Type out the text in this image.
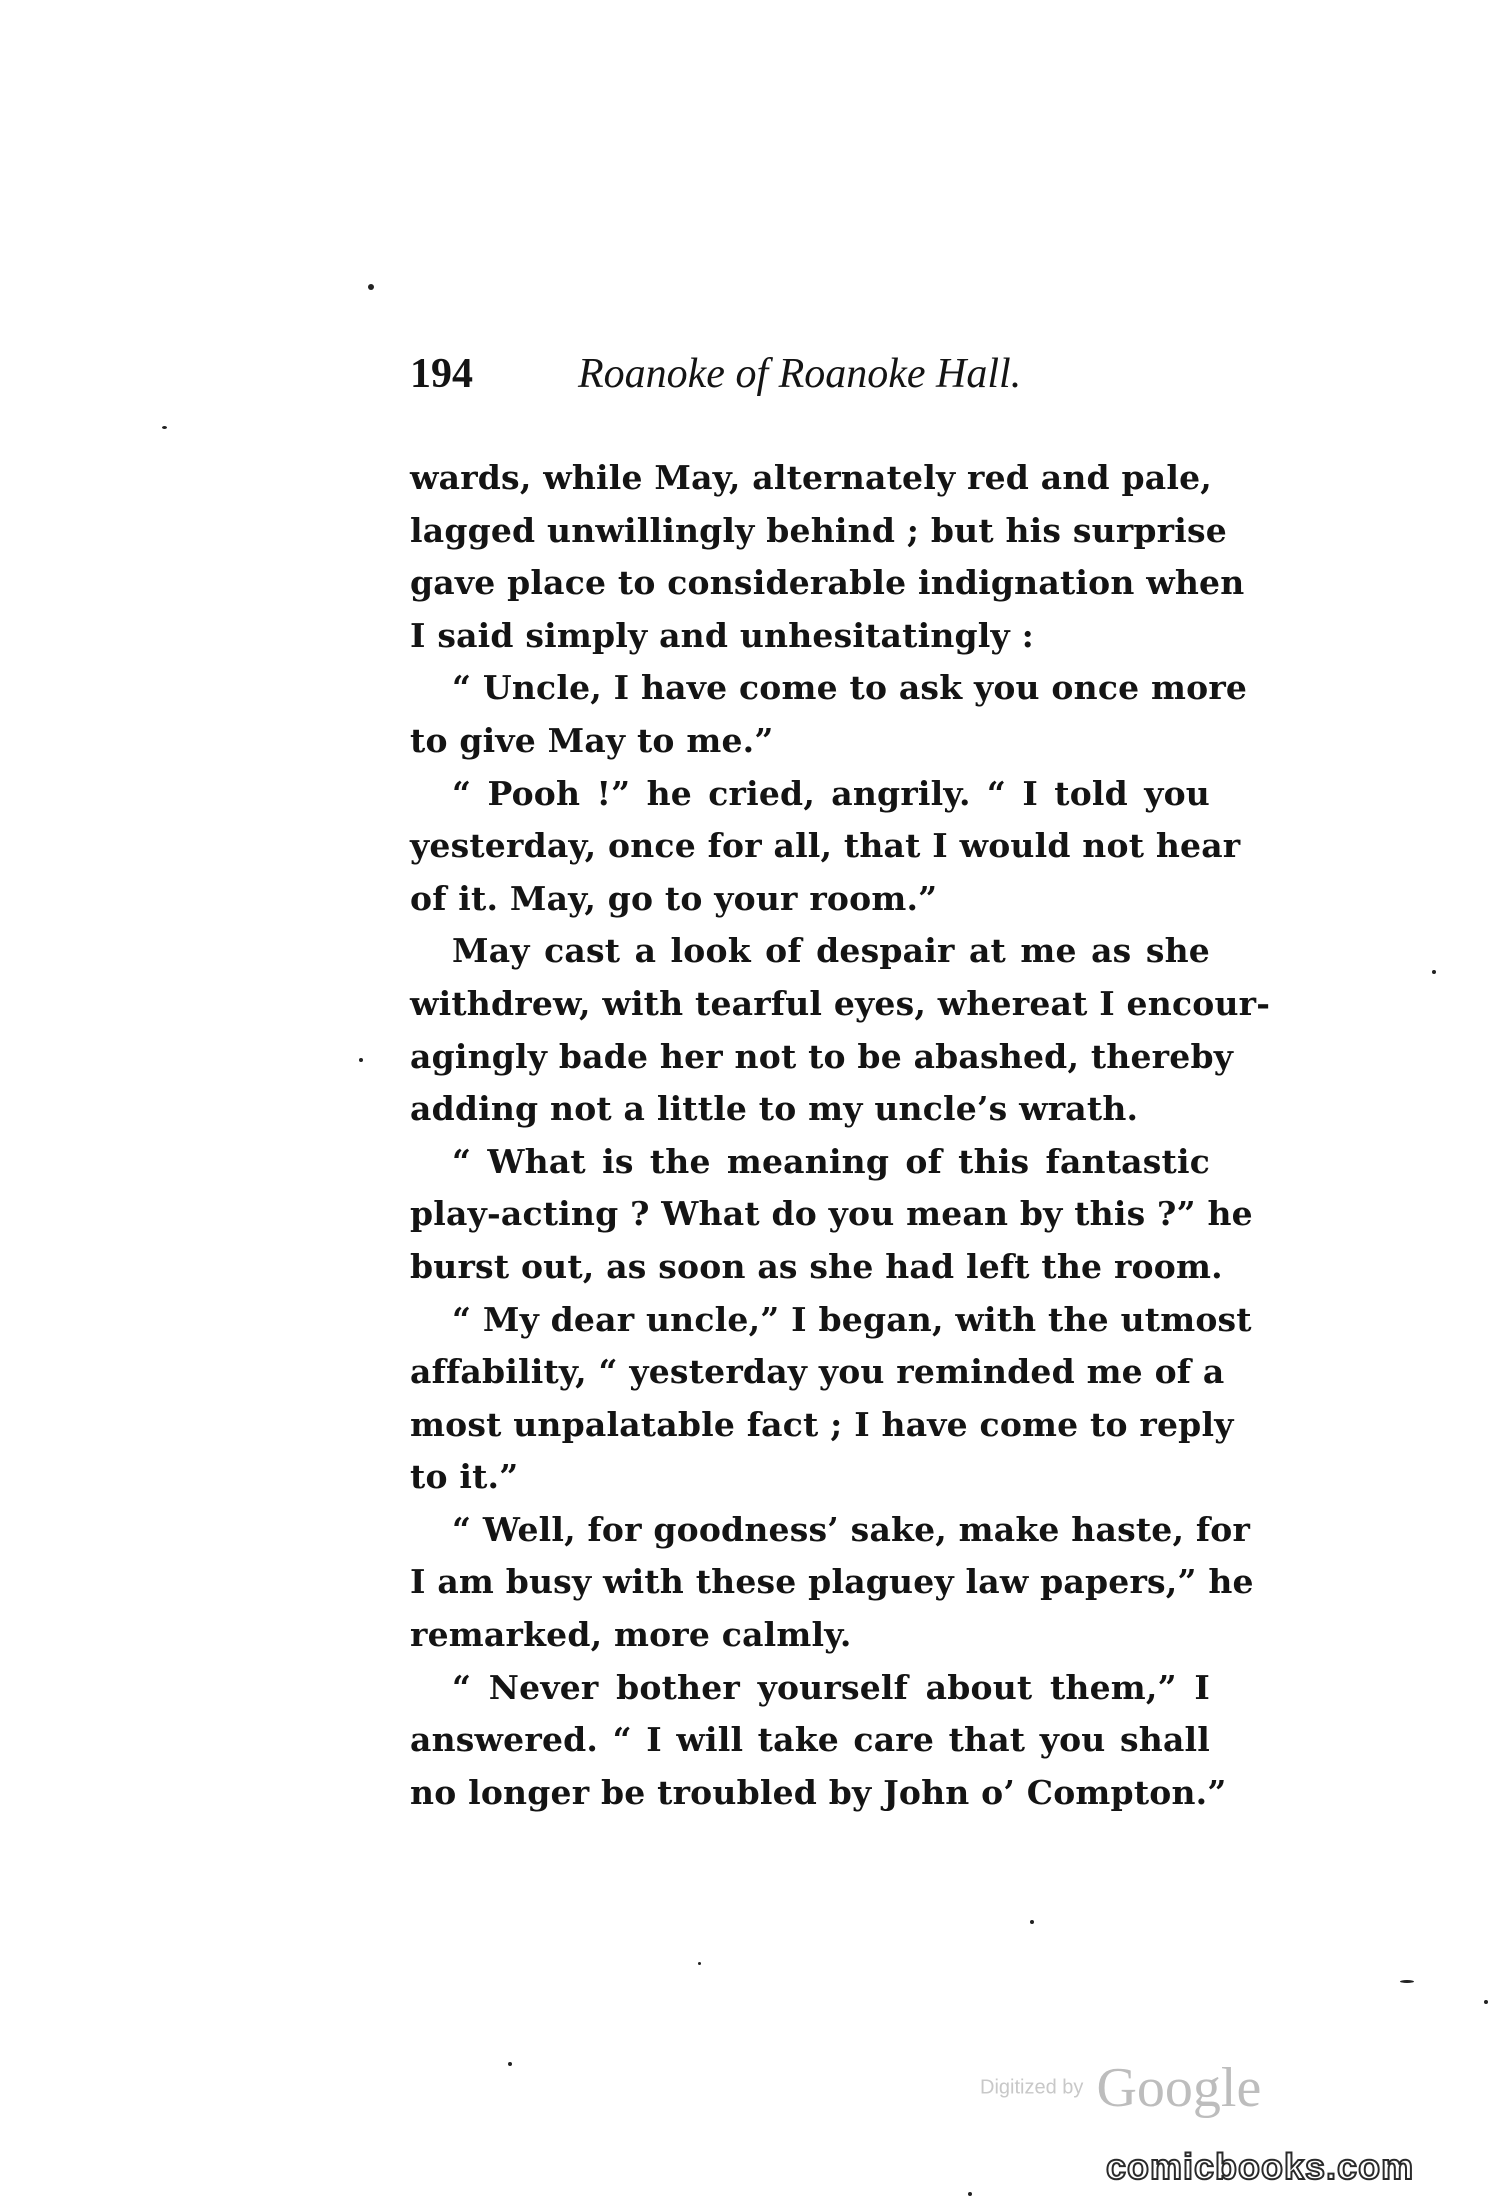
194	Roanoke of Roanoke Hall.
wards, while May, alternately red and pale,
lagged unwillingly behind ; but his surprise
gave place to considerable indignation when
I said simply and unhesitatingly :
“ Uncle, I have come to ask you once more
to give May to me.”
“ Pooh !” he cried, angrily. “ I told you
yesterday, once for all, that I would not hear
of it. May, go to your room.”
May cast a look of despair at me as she
withdrew, with tearful eyes, whereat I encour-
agingly bade her not to be abashed, thereby
adding not a little to my uncle’s wrath.
“ What is the meaning of this fantastic
play-acting ? What do you mean by this ?” he
burst out, as soon as she had left the room.
“ My dear uncle,” I began, with the utmost
affability, “ yesterday you reminded me of a
most unpalatable fact ; I have come to reply
to it.”
“ Well, for goodness’ sake, make haste, for
I am busy with these plaguey law papers,” he
remarked, more calmly.
“ Never bother yourself about them,” I
answered. “ I will take care that you shall
no longer be troubled by John o’ Compton.”
Digitized by Google
comicbooks.com
